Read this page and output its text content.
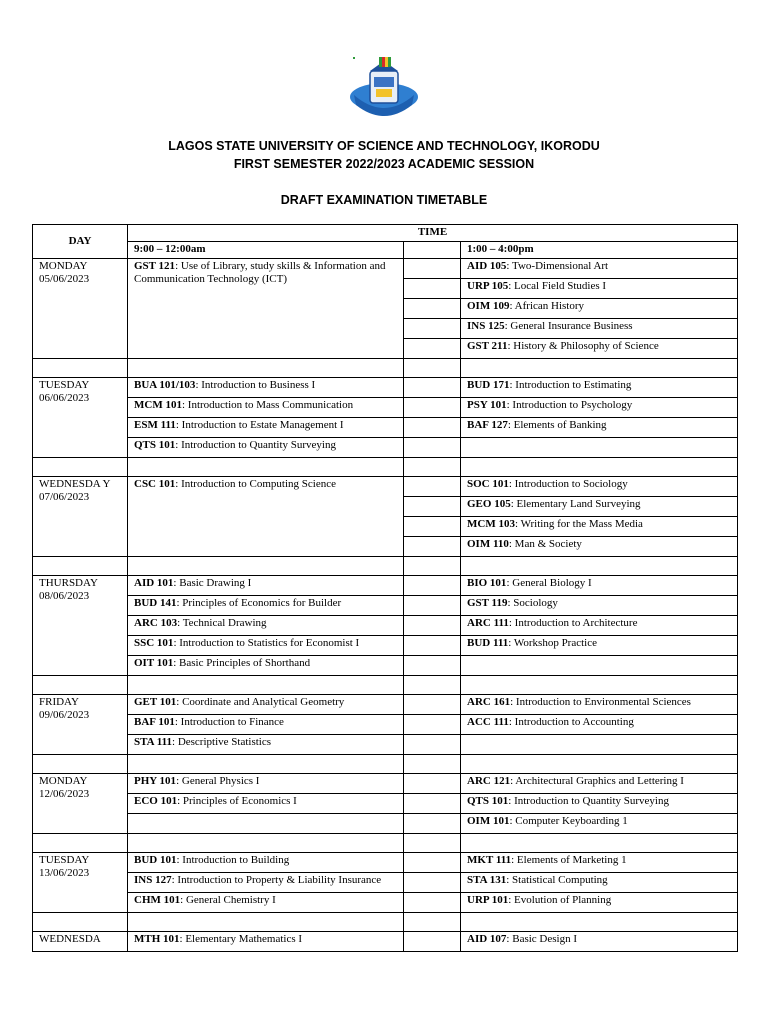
LAGOS STATE UNIVERSITY OF SCIENCE AND TECHNOLOGY, IKORODU
FIRST SEMESTER 2022/2023 ACADEMIC SESSION
DRAFT EXAMINATION TIMETABLE
DAY	TIME		
	9:00 – 12:00am		1:00 – 4:00pm

MONDAY
05/06/2023	GST 121: Use of Library, study skills & Information and Communication Technology (ICT)		AID 105: Two-Dimensional Art
			URP 105: Local Field Studies I
			OIM 109: African History
			INS 125: General Insurance Business
			GST 211: History & Philosophy of Science

TUESDAY
06/06/2023	BUA 101/103: Introduction to Business I		BUD 171: Introduction to Estimating
	MCM 101: Introduction to Mass Communication		PSY 101: Introduction to Psychology
	ESM 111: Introduction to Estate Management I		BAF 127: Elements of Banking
	QTS 101: Introduction to Quantity Surveying		

WEDNESDA Y
07/06/2023	CSC 101: Introduction to Computing Science		SOC 101: Introduction to Sociology
			GEO 105: Elementary Land Surveying
			MCM 103: Writing for the Mass Media
			OIM 110: Man & Society

THURSDAY
08/06/2023	AID 101: Basic Drawing I		BIO 101: General Biology I
	BUD 141: Principles of Economics for Builder		GST 119: Sociology
	ARC 103: Technical Drawing		ARC 111: Introduction to Architecture
	SSC 101: Introduction to Statistics for Economist I		BUD 111: Workshop Practice
	OIT 101: Basic Principles of Shorthand		

FRIDAY
09/06/2023	GET 101: Coordinate and Analytical Geometry		ARC 161: Introduction to Environmental Sciences
	BAF 101: Introduction to Finance		ACC 111: Introduction to Accounting
	STA 111: Descriptive Statistics		

MONDAY
12/06/2023	PHY 101: General Physics I		ARC 121: Architectural Graphics and Lettering I
	ECO 101: Principles of Economics I		QTS 101: Introduction to Quantity Surveying
			OIM 101: Computer Keyboarding 1

TUESDAY
13/06/2023	BUD 101: Introduction to Building		MKT 111: Elements of Marketing 1
	INS 127: Introduction to Property & Liability Insurance		STA 131: Statistical Computing
	CHM 101: General Chemistry I		URP 101: Evolution of Planning

WEDNESDA	MTH 101: Elementary Mathematics I		AID 107: Basic Design I
